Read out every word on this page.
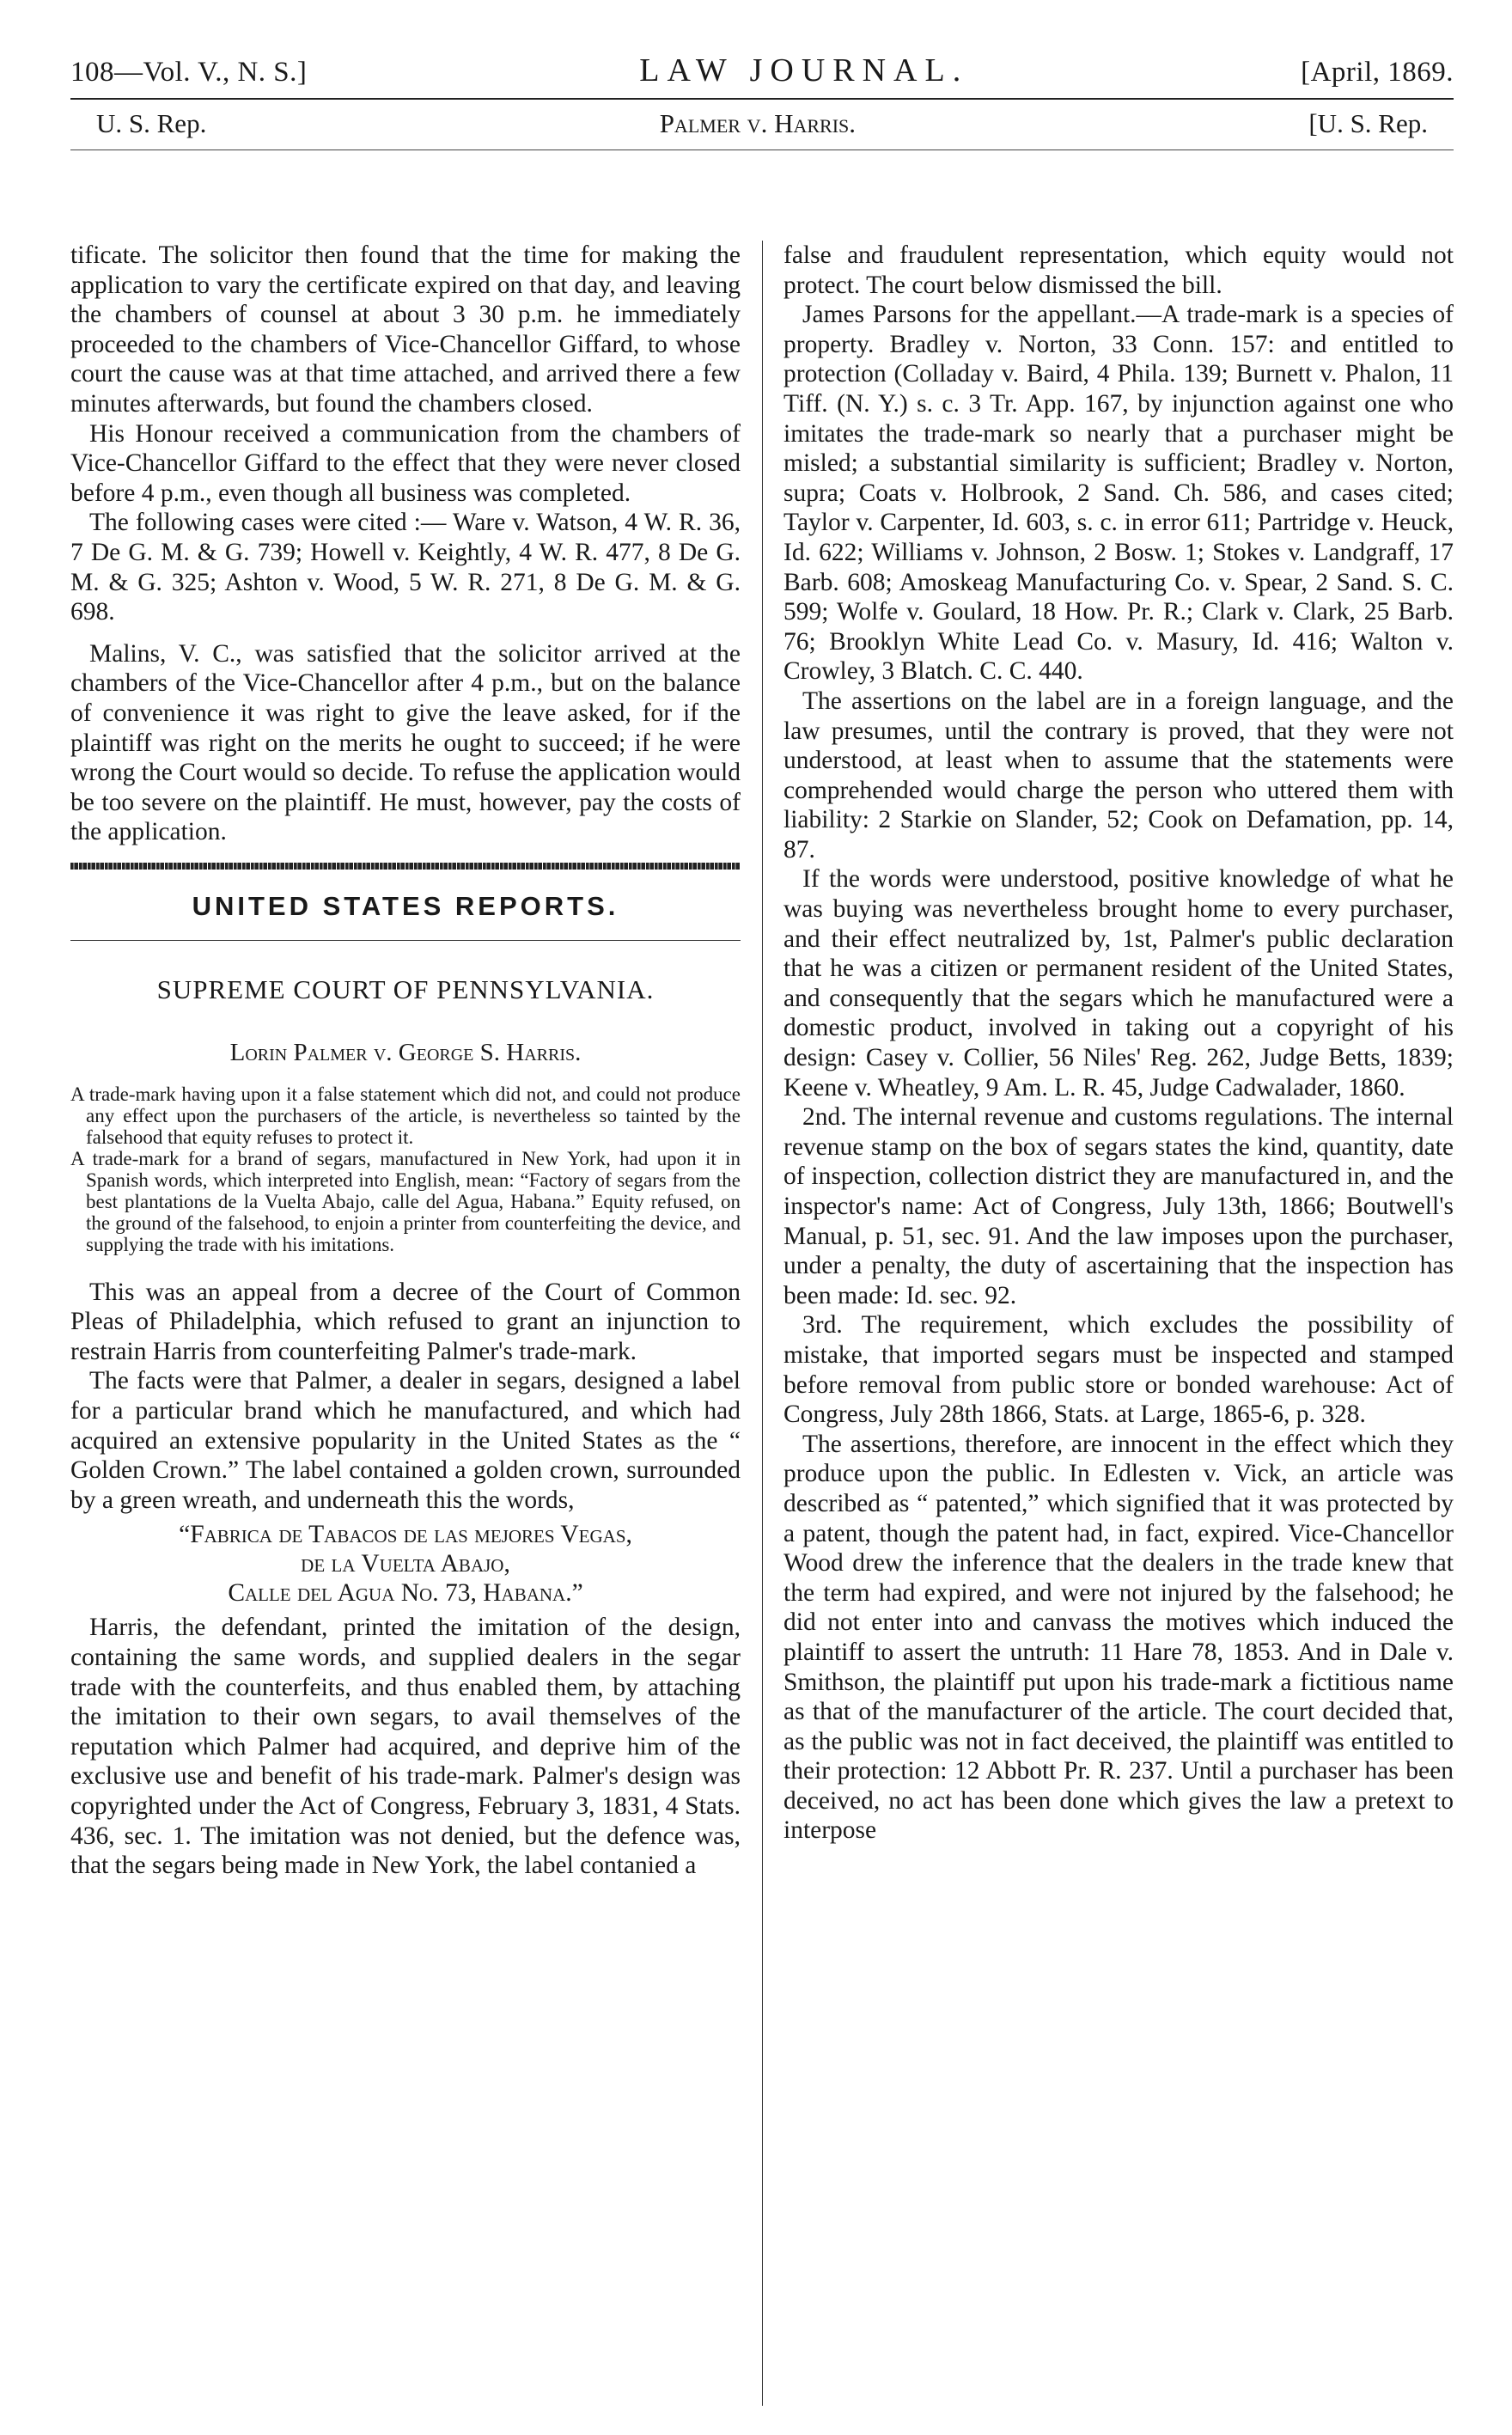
108—Vol. V., N. S.]	LAW JOURNAL.	[April, 1869.
U. S. Rep.	Palmer v. Harris.	[U. S. Rep.

tificate. The solicitor then found that the time for making the application to vary the certificate expired on that day, and leaving the chambers of counsel at about 3 30 p.m. he immediately proceeded to the chambers of Vice-Chancellor Giffard, to whose court the cause was at that time attached, and arrived there a few minutes afterwards, but found the chambers closed.

His Honour received a communication from the chambers of Vice-Chancellor Giffard to the effect that they were never closed before 4 p.m., even though all business was completed.

The following cases were cited :— Ware v. Watson, 4 W. R. 36, 7 De G. M. & G. 739; Howell v. Keightly, 4 W. R. 477, 8 De G. M. & G. 325; Ashton v. Wood, 5 W. R. 271, 8 De G. M. & G. 698.

Malins, V. C., was satisfied that the solicitor arrived at the chambers of the Vice-Chancellor after 4 p.m., but on the balance of convenience it was right to give the leave asked, for if the plaintiff was right on the merits he ought to succeed; if he were wrong the Court would so decide. To refuse the application would be too severe on the plaintiff. He must, however, pay the costs of the application.

UNITED STATES REPORTS.
SUPREME COURT OF PENNSYLVANIA.
Lorin Palmer v. George S. Harris.
A trade-mark having upon it a false statement which did not, and could not produce any effect upon the purchasers of the article, is nevertheless so tainted by the falsehood that equity refuses to protect it.
A trade-mark for a brand of segars, manufactured in New York, had upon it in Spanish words, which interpreted into English, mean: “Factory of segars from the best plantations de la Vuelta Abajo, calle del Agua, Habana.” Equity refused, on the ground of the falsehood, to enjoin a printer from counterfeiting the device, and supplying the trade with his imitations.

This was an appeal from a decree of the Court of Common Pleas of Philadelphia, which refused to grant an injunction to restrain Harris from counterfeiting Palmer's trade-mark.

The facts were that Palmer, a dealer in segars, designed a label for a particular brand which he manufactured, and which had acquired an extensive popularity in the United States as the “ Golden Crown.” The label contained a golden crown, surrounded by a green wreath, and underneath this the words,

“Fabrica de Tabacos de las mejores Vegas,
de la Vuelta Abajo,
Calle del Agua No. 73, Habana.”

Harris, the defendant, printed the imitation of the design, containing the same words, and supplied dealers in the segar trade with the counterfeits, and thus enabled them, by attaching the imitation to their own segars, to avail themselves of the reputation which Palmer had acquired, and deprive him of the exclusive use and benefit of his trade-mark. Palmer's design was copyrighted under the Act of Congress, February 3, 1831, 4 Stats. 436, sec. 1. The imitation was not denied, but the defence was, that the segars being made in New York, the label contanied a

false and fraudulent representation, which equity would not protect. The court below dismissed the bill.

James Parsons for the appellant.—A trade-mark is a species of property. Bradley v. Norton, 33 Conn. 157: and entitled to protection (Colladay v. Baird, 4 Phila. 139; Burnett v. Phalon, 11 Tiff. (N. Y.) s. c. 3 Tr. App. 167, by injunction against one who imitates the trade-mark so nearly that a purchaser might be misled; a substantial similarity is sufficient; Bradley v. Norton, supra; Coats v. Holbrook, 2 Sand. Ch. 586, and cases cited; Taylor v. Carpenter, Id. 603, s. c. in error 611; Partridge v. Heuck, Id. 622; Williams v. Johnson, 2 Bosw. 1; Stokes v. Landgraff, 17 Barb. 608; Amoskeag Manufacturing Co. v. Spear, 2 Sand. S. C. 599; Wolfe v. Goulard, 18 How. Pr. R.; Clark v. Clark, 25 Barb. 76; Brooklyn White Lead Co. v. Masury, Id. 416; Walton v. Crowley, 3 Blatch. C. C. 440.

The assertions on the label are in a foreign language, and the law presumes, until the contrary is proved, that they were not understood, at least when to assume that the statements were comprehended would charge the person who uttered them with liability: 2 Starkie on Slander, 52; Cook on Defamation, pp. 14, 87.

If the words were understood, positive knowledge of what he was buying was nevertheless brought home to every purchaser, and their effect neutralized by, 1st, Palmer's public declaration that he was a citizen or permanent resident of the United States, and consequently that the segars which he manufactured were a domestic product, involved in taking out a copyright of his design: Casey v. Collier, 56 Niles' Reg. 262, Judge Betts, 1839; Keene v. Wheatley, 9 Am. L. R. 45, Judge Cadwalader, 1860.

2nd. The internal revenue and customs regulations. The internal revenue stamp on the box of segars states the kind, quantity, date of inspection, collection district they are manufactured in, and the inspector's name: Act of Congress, July 13th, 1866; Boutwell's Manual, p. 51, sec. 91. And the law imposes upon the purchaser, under a penalty, the duty of ascertaining that the inspection has been made: Id. sec. 92.

3rd. The requirement, which excludes the possibility of mistake, that imported segars must be inspected and stamped before removal from public store or bonded warehouse: Act of Congress, July 28th 1866, Stats. at Large, 1865-6, p. 328.

The assertions, therefore, are innocent in the effect which they produce upon the public. In Edlesten v. Vick, an article was described as “ patented,” which signified that it was protected by a patent, though the patent had, in fact, expired. Vice-Chancellor Wood drew the inference that the dealers in the trade knew that the term had expired, and were not injured by the falsehood; he did not enter into and canvass the motives which induced the plaintiff to assert the untruth: 11 Hare 78, 1853. And in Dale v. Smithson, the plaintiff put upon his trade-mark a fictitious name as that of the manufacturer of the article. The court decided that, as the public was not in fact deceived, the plaintiff was entitled to their protection: 12 Abbott Pr. R. 237. Until a purchaser has been deceived, no act has been done which gives the law a pretext to interpose
